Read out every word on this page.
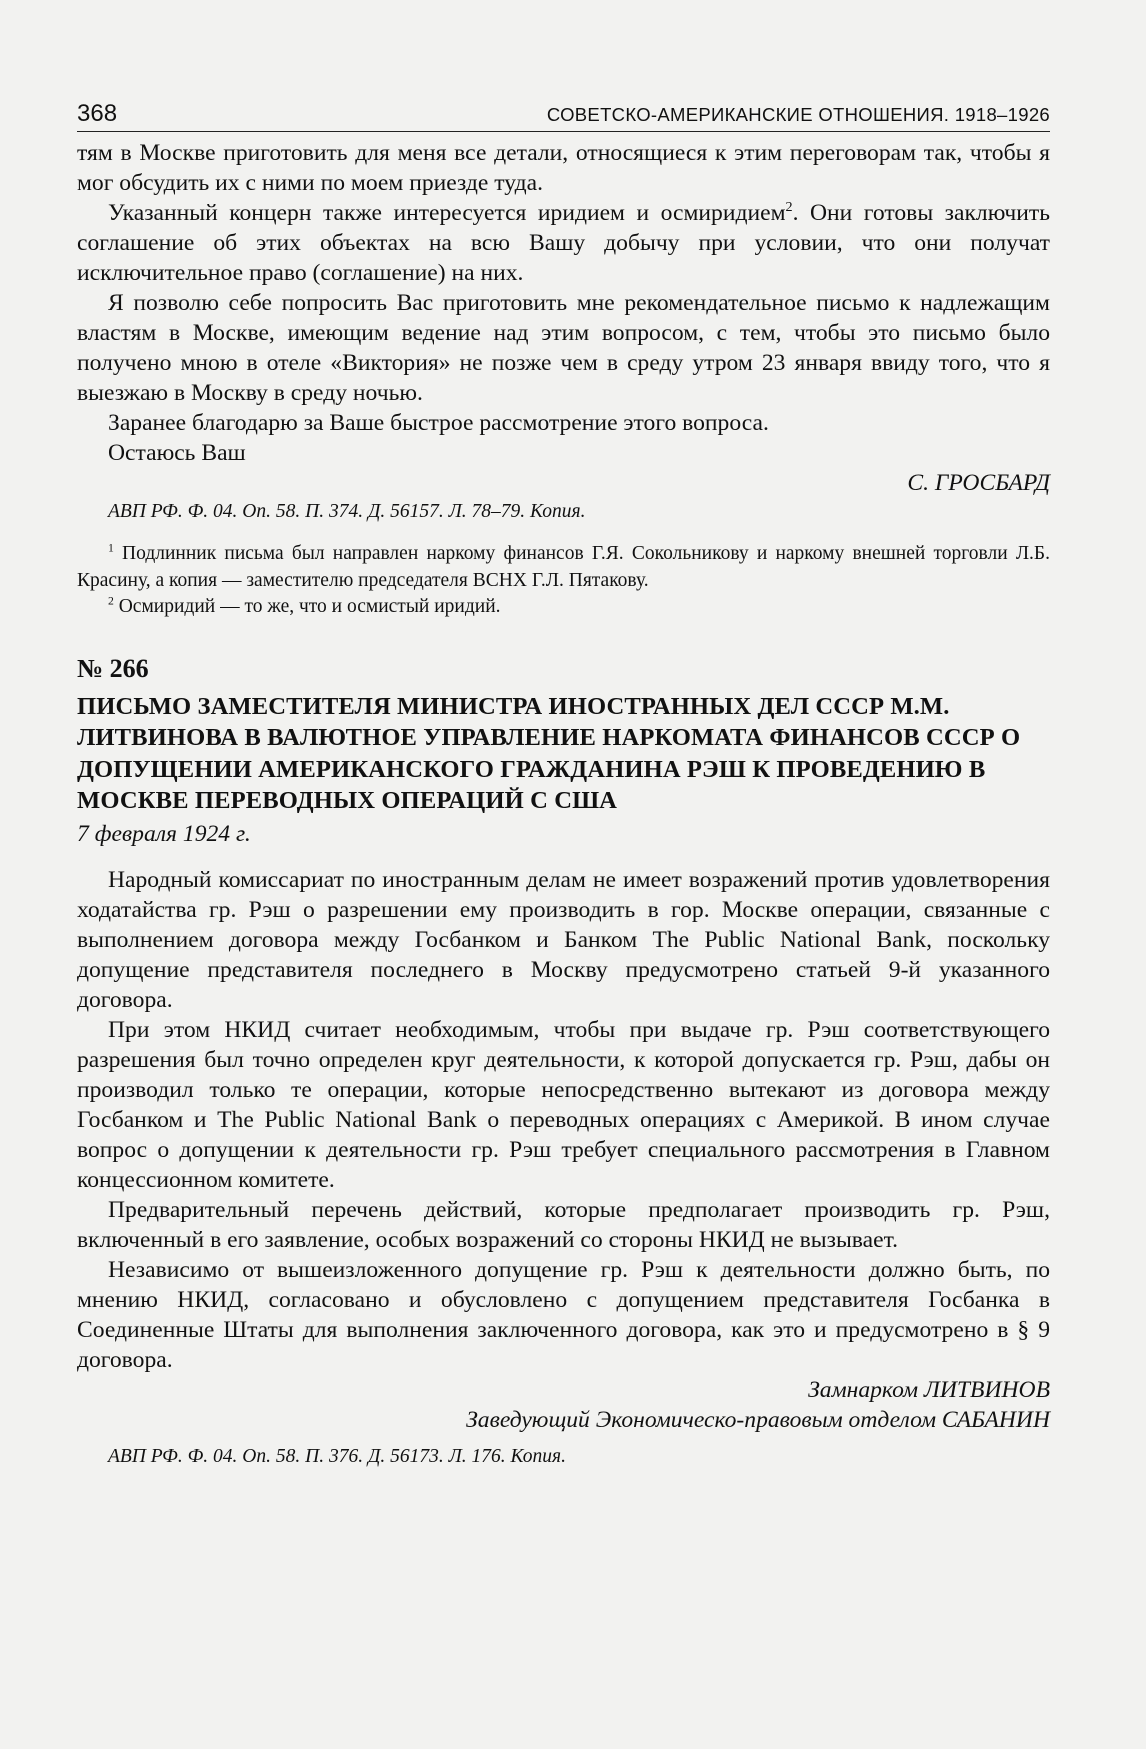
368	СОВЕТСКО-АМЕРИКАНСКИЕ ОТНОШЕНИЯ. 1918–1926

тям в Москве приготовить для меня все детали, относящиеся к этим переговорам так, чтобы я мог обсудить их с ними по моем приезде туда.

Указанный концерн также интересуется иридием и осмиридием$^2$. Они готовы заключить соглашение об этих объектах на всю Вашу добычу при условии, что они получат исключительное право (соглашение) на них.

Я позволю себе попросить Вас приготовить мне рекомендательное письмо к надлежащим властям в Москве, имеющим ведение над этим вопросом, с тем, чтобы это письмо было получено мною в отеле «Виктория» не позже чем в среду утром 23 января ввиду того, что я выезжаю в Москву в среду ночью.

Заранее благодарю за Ваше быстрое рассмотрение этого вопроса.

Остаюсь Ваш

С. ГРОСБАРД

АВП РФ. Ф. 04. Оп. 58. П. 374. Д. 56157. Л. 78–79. Копия.

$^1$ Подлинник письма был направлен наркому финансов Г.Я. Сокольникову и наркому внешней торговли Л.Б. Красину, а копия — заместителю председателя ВСНХ Г.Л. Пятакову.

$^2$ Осмиридий — то же, что и осмистый иридий.

№ 266

ПИСЬМО ЗАМЕСТИТЕЛЯ МИНИСТРА ИНОСТРАННЫХ ДЕЛ СССР М.М. ЛИТВИНОВА В ВАЛЮТНОЕ УПРАВЛЕНИЕ НАРКОМАТА ФИНАНСОВ СССР О ДОПУЩЕНИИ АМЕРИКАНСКОГО ГРАЖДАНИНА РЭШ К ПРОВЕДЕНИЮ В МОСКВЕ ПЕРЕВОДНЫХ ОПЕРАЦИЙ С США

7 февраля 1924 г.

Народный комиссариат по иностранным делам не имеет возражений против удовлетворения ходатайства гр. Рэш о разрешении ему производить в гор. Москве операции, связанные с выполнением договора между Госбанком и Банком The Public National Bank, поскольку допущение представителя последнего в Москву предусмотрено статьей 9-й указанного договора.

При этом НКИД считает необходимым, чтобы при выдаче гр. Рэш соответствующего разрешения был точно определен круг деятельности, к которой допускается гр. Рэш, дабы он производил только те операции, которые непосредственно вытекают из договора между Госбанком и The Public National Bank о переводных операциях с Америкой. В ином случае вопрос о допущении к деятельности гр. Рэш требует специального рассмотрения в Главном концессионном комитете.

Предварительный перечень действий, которые предполагает производить гр. Рэш, включенный в его заявление, особых возражений со стороны НКИД не вызывает.

Независимо от вышеизложенного допущение гр. Рэш к деятельности должно быть, по мнению НКИД, согласовано и обусловлено с допущением представителя Госбанка в Соединенные Штаты для выполнения заключенного договора, как это и предусмотрено в § 9 договора.

Замнарком ЛИТВИНОВ

Заведующий Экономическо-правовым отделом САБАНИН

АВП РФ. Ф. 04. Оп. 58. П. 376. Д. 56173. Л. 176. Копия.
